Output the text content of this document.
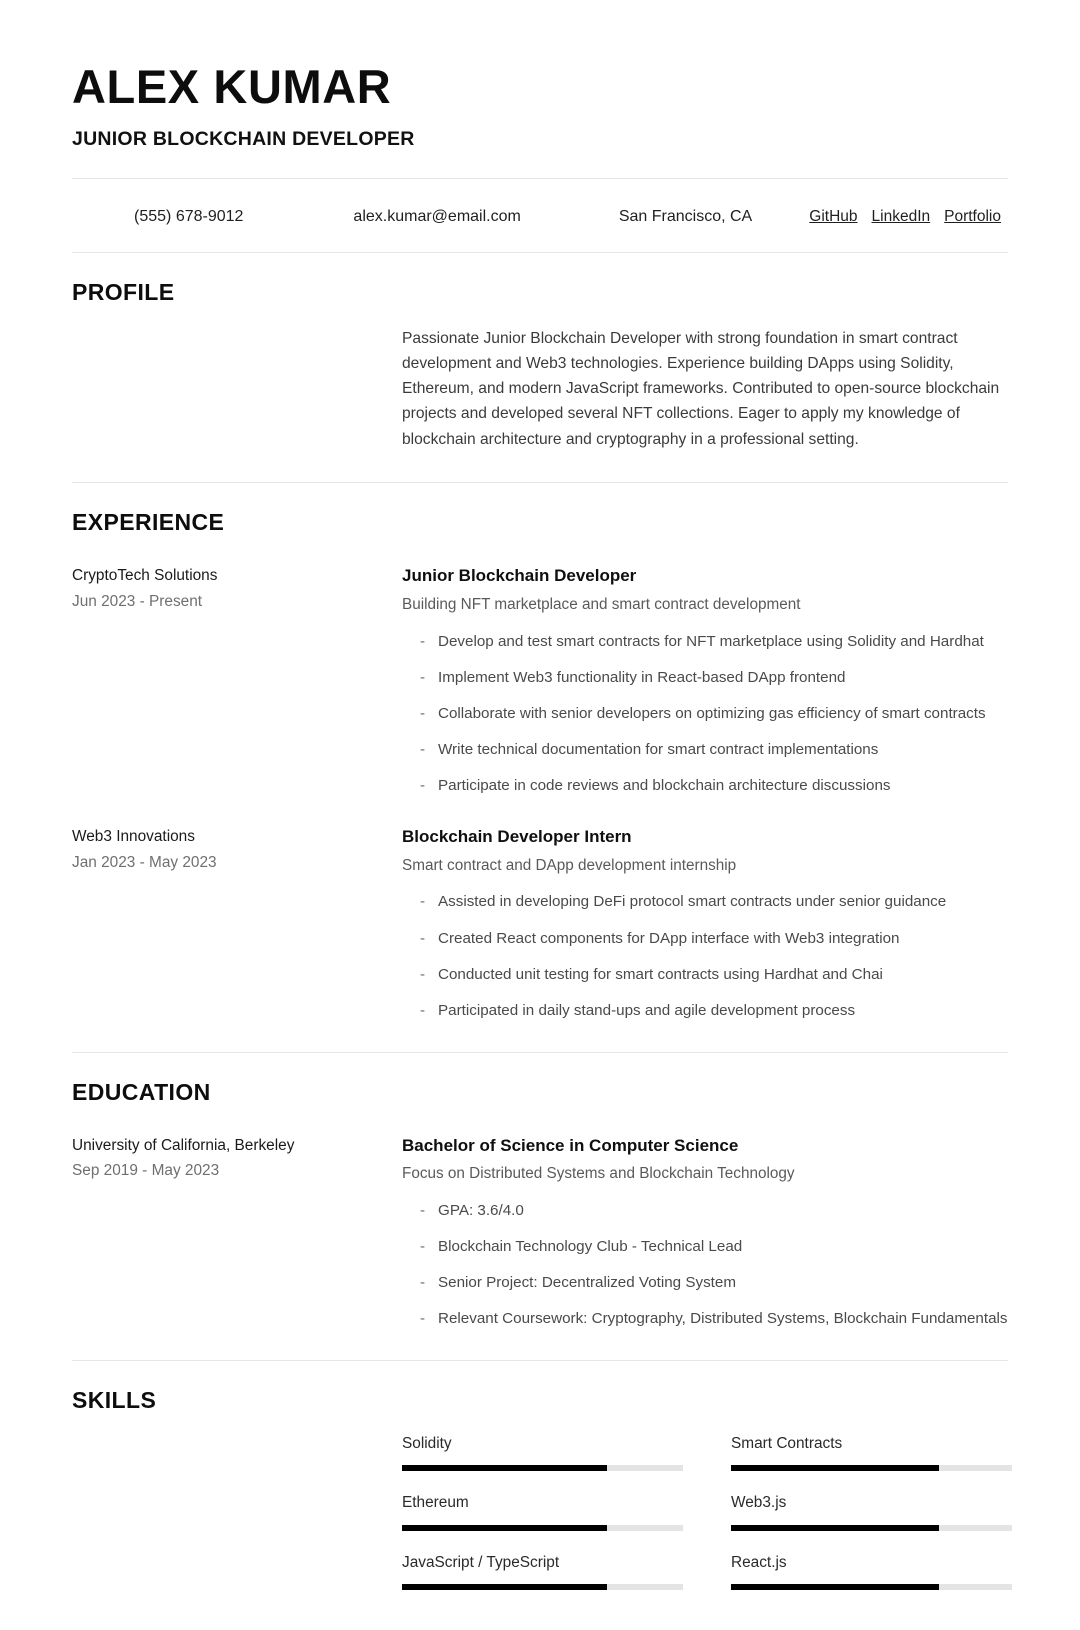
ALEX KUMAR
JUNIOR BLOCKCHAIN DEVELOPER
(555) 678-9012	alex.kumar@email.com	San Francisco, CA	GitHub LinkedIn Portfolio
PROFILE

Passionate Junior Blockchain Developer with strong foundation in smart contract development and Web3 technologies. Experience building DApps using Solidity, Ethereum, and modern JavaScript frameworks. Contributed to open-source blockchain projects and developed several NFT collections. Eager to apply my knowledge of blockchain architecture and cryptography in a professional setting.

EXPERIENCE

CryptoTech Solutions

Jun 2023 - Present

Junior Blockchain Developer

Building NFT marketplace and smart contract development

- Develop and test smart contracts for NFT marketplace using Solidity and Hardhat
- Implement Web3 functionality in React-based DApp frontend
- Collaborate with senior developers on optimizing gas efficiency of smart contracts
- Write technical documentation for smart contract implementations
- Participate in code reviews and blockchain architecture discussions

Web3 Innovations

Jan 2023 - May 2023

Blockchain Developer Intern

Smart contract and DApp development internship

- Assisted in developing DeFi protocol smart contracts under senior guidance
- Created React components for DApp interface with Web3 integration
- Conducted unit testing for smart contracts using Hardhat and Chai
- Participated in daily stand-ups and agile development process
EDUCATION

University of California, Berkeley

Sep 2019 - May 2023

Bachelor of Science in Computer Science

Focus on Distributed Systems and Blockchain Technology

- GPA: 3.6/4.0
- Blockchain Technology Club - Technical Lead
- Senior Project: Decentralized Voting System
- Relevant Coursework: Cryptography, Distributed Systems, Blockchain Fundamentals
SKILLS
Solidity	Smart Contracts
Ethereum	Web3.js
JavaScript / TypeScript	React.js
